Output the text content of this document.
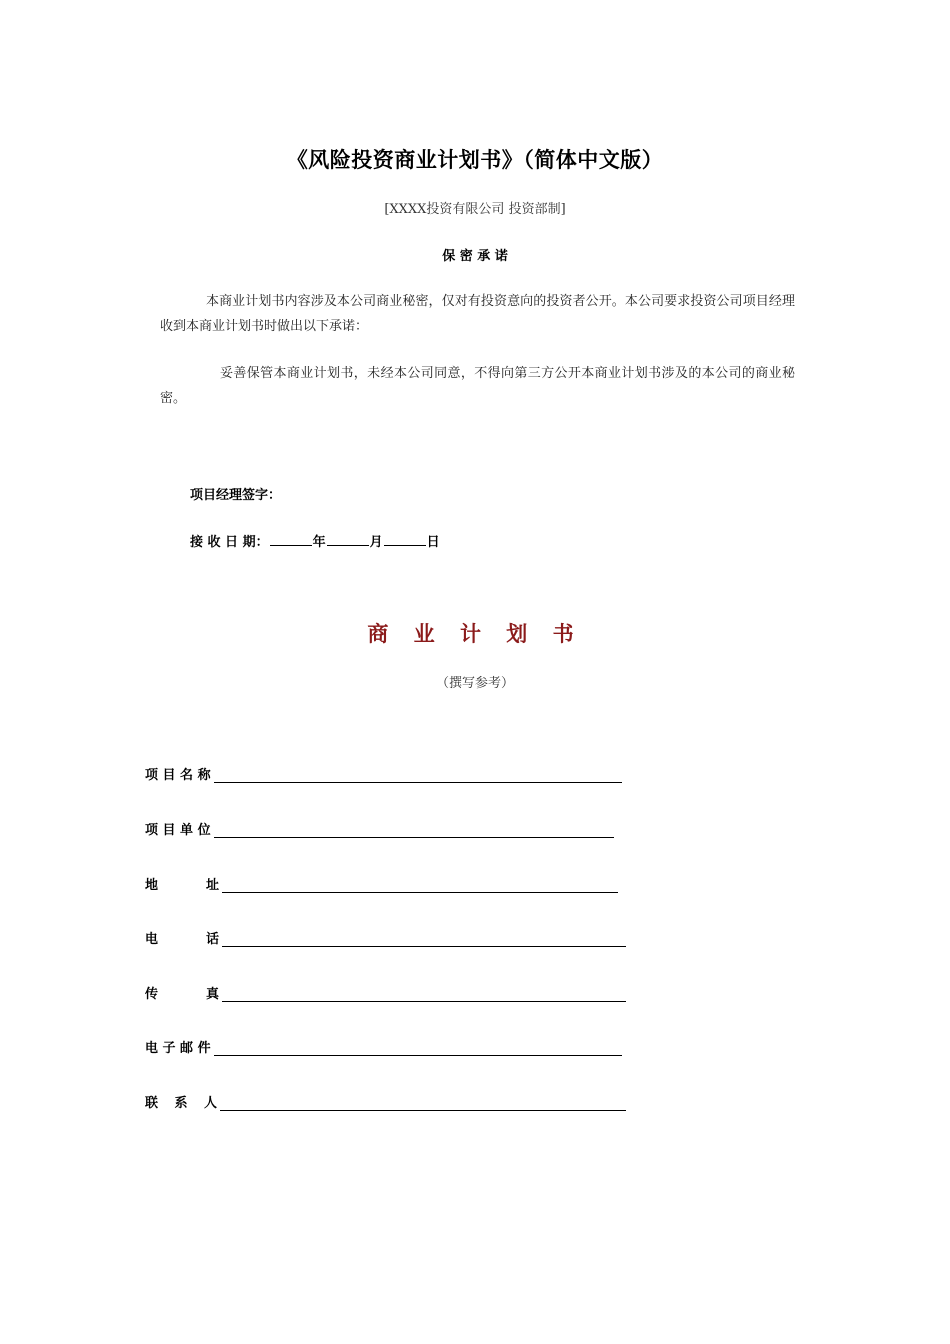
《风险投资商业计划书》（简体中文版）
[XXXX投资有限公司 投资部制]
保 密 承 诺
本商业计划书内容涉及本公司商业秘密，仅对有投资意向的投资者公开。本公司要求投资公司项目经理收到本商业计划书时做出以下承诺：
妥善保管本商业计划书，未经本公司同意，不得向第三方公开本商业计划书涉及的本公司的商业秘密。
项目经理签字：
接 收 日 期：	年	月	日
商 业 计 划 书
（撰写参考）
项 目 名 称
项 目 单 位
地	址
电	话
传	真
电 子 邮 件
联 系 人
